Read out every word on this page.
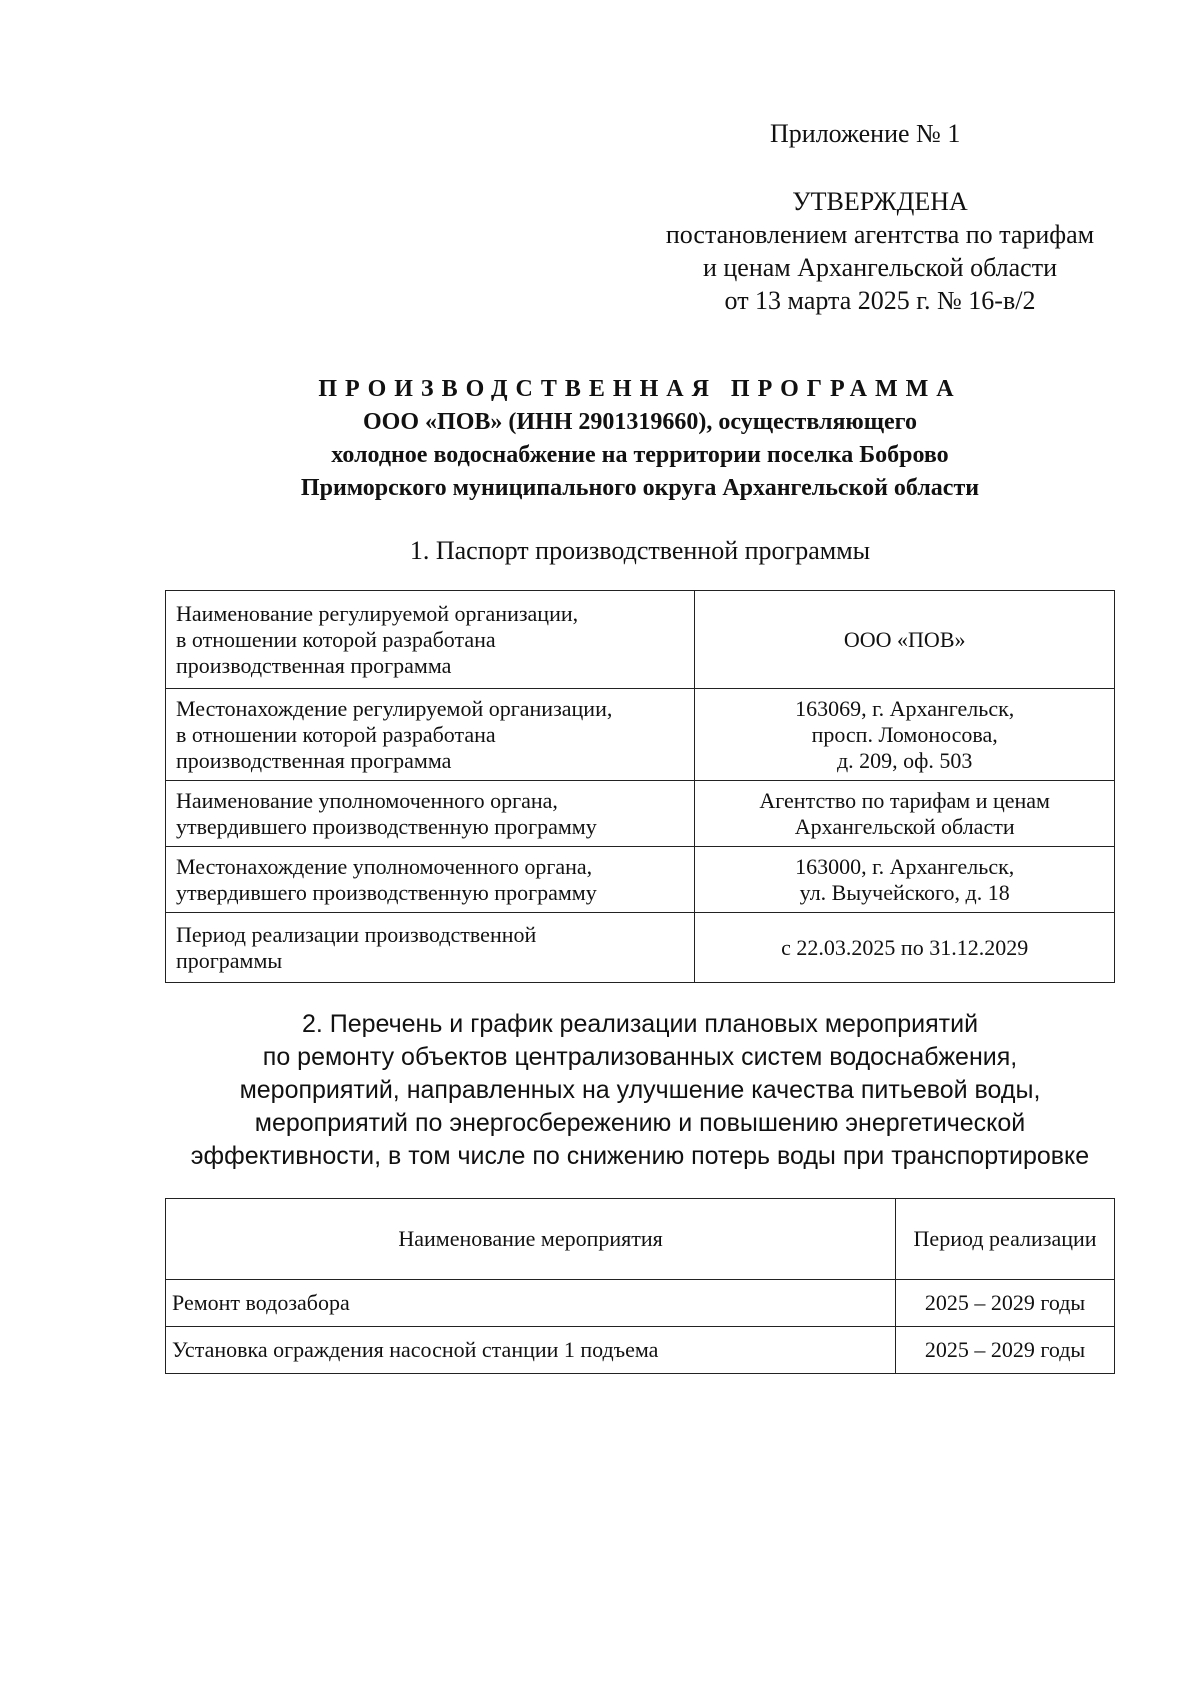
Приложение № 1
УТВЕРЖДЕНА
постановлением агентства по тарифам
и ценам Архангельской области
от 13 марта 2025 г. № 16-в/2
ПРОИЗВОДСТВЕННАЯ ПРОГРАММА
ООО «ПОВ» (ИНН 2901319660), осуществляющего
холодное водоснабжение на территории поселка Боброво
Приморского муниципального округа Архангельской области
1. Паспорт производственной программы
Наименование регулируемой организации,
в отношении которой разработана
производственная программа	ООО «ПОВ»

Местонахождение регулируемой организации,
в отношении которой разработана
производственная программа	163069, г. Архангельск,
просп. Ломоносова,
д. 209, оф. 503

Наименование уполномоченного органа,
утвердившего производственную программу	Агентство по тарифам и ценам
Архангельской области

Местонахождение уполномоченного органа,
утвердившего производственную программу	163000, г. Архангельск,
ул. Выучейского, д. 18

Период реализации производственной
программы	с 22.03.2025 по 31.12.2029
2. Перечень и график реализации плановых мероприятий
по ремонту объектов централизованных систем водоснабжения,
мероприятий, направленных на улучшение качества питьевой воды,
мероприятий по энергосбережению и повышению энергетической
эффективности, в том числе по снижению потерь воды при транспортировке
Наименование мероприятия	Период реализации
Ремонт водозабора	2025 – 2029 годы
Установка ограждения насосной станции 1 подъема	2025 – 2029 годы
